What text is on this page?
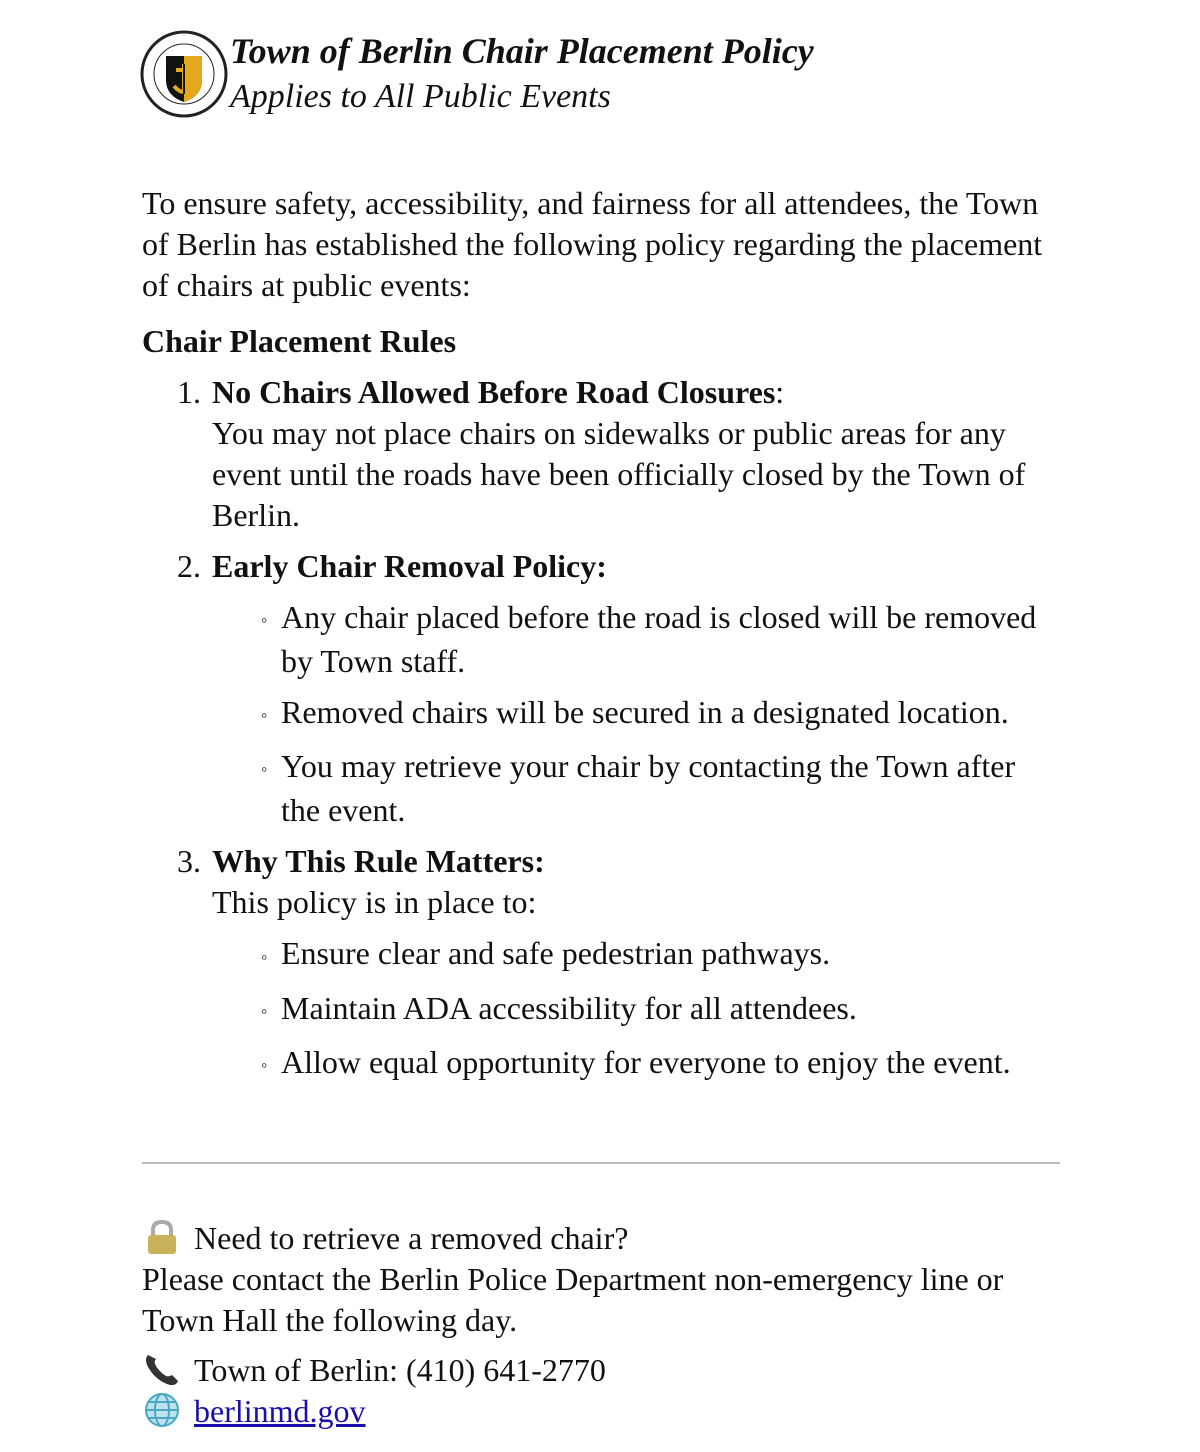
Town of Berlin Chair Placement Policy
Applies to All Public Events

To ensure safety, accessibility, and fairness for all attendees, the Town of Berlin has established the following policy regarding the placement of chairs at public events:

Chair Placement Rules
1. No Chairs Allowed Before Road Closures:
You may not place chairs on sidewalks or public areas for any event until the roads have been officially closed by the Town of Berlin.
2. Early Chair Removal Policy:
◦ Any chair placed before the road is closed will be removed by Town staff.
◦ Removed chairs will be secured in a designated location.
◦ You may retrieve your chair by contacting the Town after the event.
3. Why This Rule Matters:
This policy is in place to:
◦ Ensure clear and safe pedestrian pathways.
◦ Maintain ADA accessibility for all attendees.
◦ Allow equal opportunity for everyone to enjoy the event.
Need to retrieve a removed chair?
Please contact the Berlin Police Department non-emergency line or Town Hall the following day.
Town of Berlin: (410) 641-2770
berlinmd.gov
